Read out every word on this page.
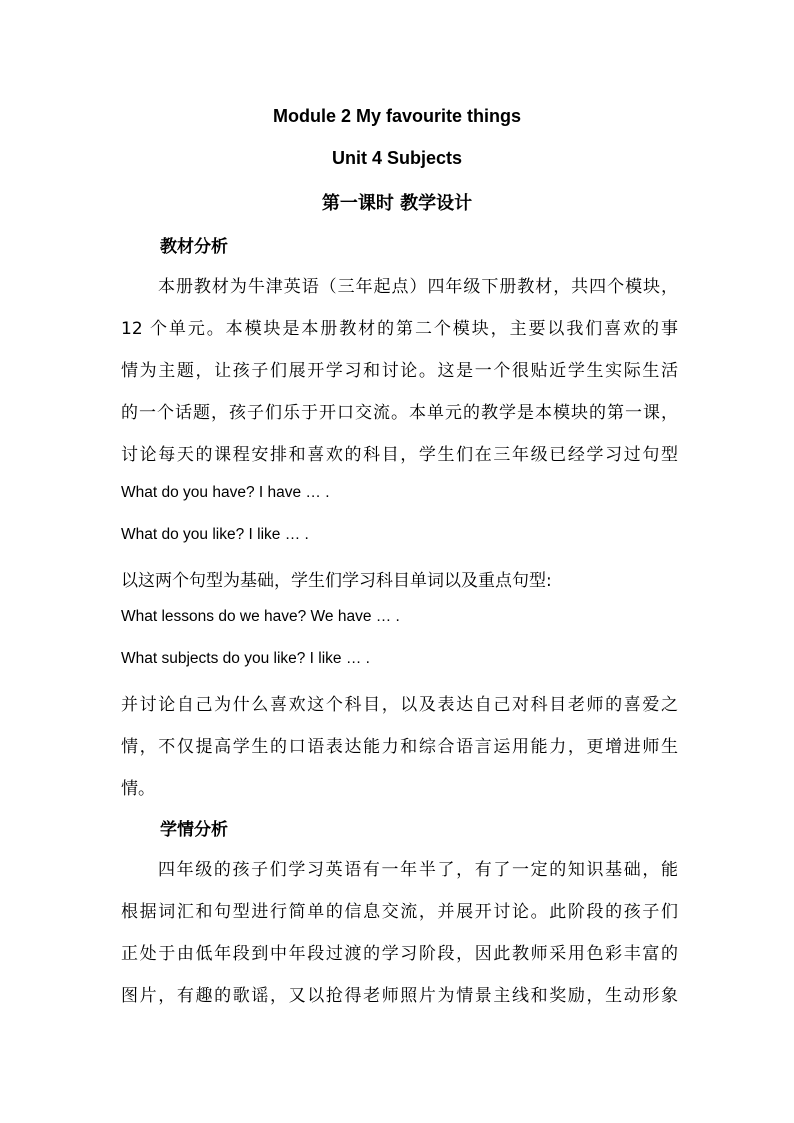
Module 2 My favourite things
Unit 4 Subjects
第一课时 教学设计
教材分析
本册教材为牛津英语（三年起点）四年级下册教材，共四个模块，
12 个单元。本模块是本册教材的第二个模块，主要以我们喜欢的事
情为主题，让孩子们展开学习和讨论。这是一个很贴近学生实际生活
的一个话题，孩子们乐于开口交流。本单元的教学是本模块的第一课，
讨论每天的课程安排和喜欢的科目，学生们在三年级已经学习过句型
What do you have? I have … .
What do you like? I like … .
以这两个句型为基础，学生们学习科目单词以及重点句型:
What lessons do we have? We have … .
What subjects do you like? I like … .
并讨论自己为什么喜欢这个科目，以及表达自己对科目老师的喜爱之
情，不仅提高学生的口语表达能力和综合语言运用能力，更增进师生
情。
学情分析
四年级的孩子们学习英语有一年半了，有了一定的知识基础，能
根据词汇和句型进行简单的信息交流，并展开讨论。此阶段的孩子们
正处于由低年段到中年段过渡的学习阶段，因此教师采用色彩丰富的
图片，有趣的歌谣，又以抢得老师照片为情景主线和奖励，生动形象
